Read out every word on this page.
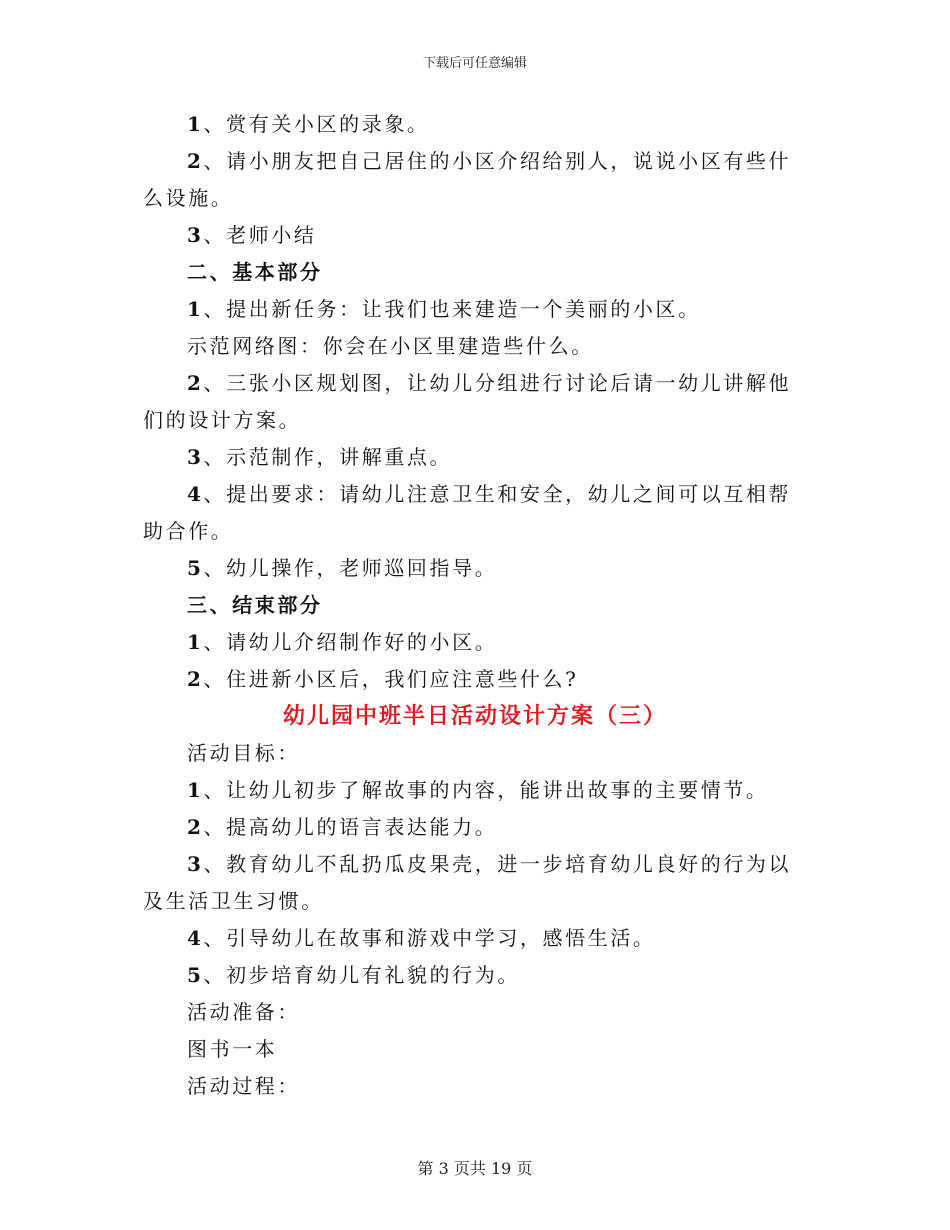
下载后可任意编辑

1、赏有关小区的录象。

2、请小朋友把自己居住的小区介绍给别人，说说小区有些什么设施。

3、老师小结

二、基本部分

1、提出新任务：让我们也来建造一个美丽的小区。

示范网络图：你会在小区里建造些什么。

2、三张小区规划图，让幼儿分组进行讨论后请一幼儿讲解他们的设计方案。

3、示范制作，讲解重点。

4、提出要求：请幼儿注意卫生和安全，幼儿之间可以互相帮助合作。

5、幼儿操作，老师巡回指导。

三、结束部分

1、请幼儿介绍制作好的小区。

2、住进新小区后，我们应注意些什么?

幼儿园中班半日活动设计方案（三）

活动目标：

1、让幼儿初步了解故事的内容，能讲出故事的主要情节。

2、提高幼儿的语言表达能力。

3、教育幼儿不乱扔瓜皮果壳，进一步培育幼儿良好的行为以及生活卫生习惯。

4、引导幼儿在故事和游戏中学习，感悟生活。

5、初步培育幼儿有礼貌的行为。

活动准备：

图书一本

活动过程：

第 3 页共 19 页
